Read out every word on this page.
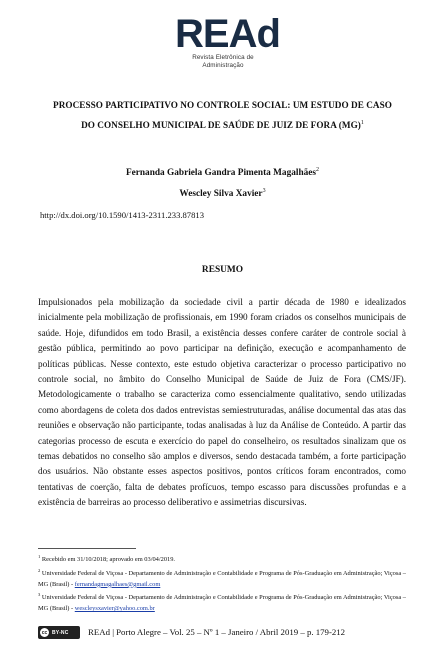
REAd
Revista Eletrônica de Administração
PROCESSO PARTICIPATIVO NO CONTROLE SOCIAL: UM ESTUDO DE CASO
DO CONSELHO MUNICIPAL DE SAÚDE DE JUIZ DE FORA (MG)$^1$
Fernanda Gabriela Gandra Pimenta Magalhães$^2$
Wescley Silva Xavier$^3$
http://dx.doi.org/10.1590/1413-2311.233.87813
RESUMO

Impulsionados pela mobilização da sociedade civil a partir década de 1980 e idealizados inicialmente pela mobilização de profissionais, em 1990 foram criados os conselhos municipais de saúde. Hoje, difundidos em todo Brasil, a existência desses confere caráter de controle social à gestão pública, permitindo ao povo participar na definição, execução e acompanhamento de políticas públicas. Nesse contexto, este estudo objetiva caracterizar o processo participativo no controle social, no âmbito do Conselho Municipal de Saúde de Juiz de Fora (CMS/JF). Metodologicamente o trabalho se caracteriza como essencialmente qualitativo, sendo utilizadas como abordagens de coleta dos dados entrevistas semiestruturadas, análise documental das atas das reuniões e observação não participante, todas analisadas à luz da Análise de Conteúdo. A partir das categorias processo de escuta e exercício do papel do conselheiro, os resultados sinalizam que os temas debatidos no conselho são amplos e diversos, sendo destacada também, a forte participação dos usuários. Não obstante esses aspectos positivos, pontos críticos foram encontrados, como tentativas de coerção, falta de debates profícuos, tempo escasso para discussões profundas e a existência de barreiras ao processo deliberativo e assimetrias discursivas.

$^1$ Recebido em 31/10/2018; aprovado em 03/04/2019.

$^2$ Universidade Federal de Viçosa - Departamento de Administração e Contabilidade e Programa de Pós-Graduação em Administração; Viçosa – MG (Brasil) - fernandagmagalhaes@gmail.com

$^3$ Universidade Federal de Viçosa - Departamento de Administração e Contabilidade e Programa de Pós-Graduação em Administração; Viçosa – MG (Brasil) - wescleysxavier@yahoo.com.br

cc BY-NC REAd | Porto Alegre – Vol. 25 – Nº 1 – Janeiro / Abril 2019 – p. 179-212
